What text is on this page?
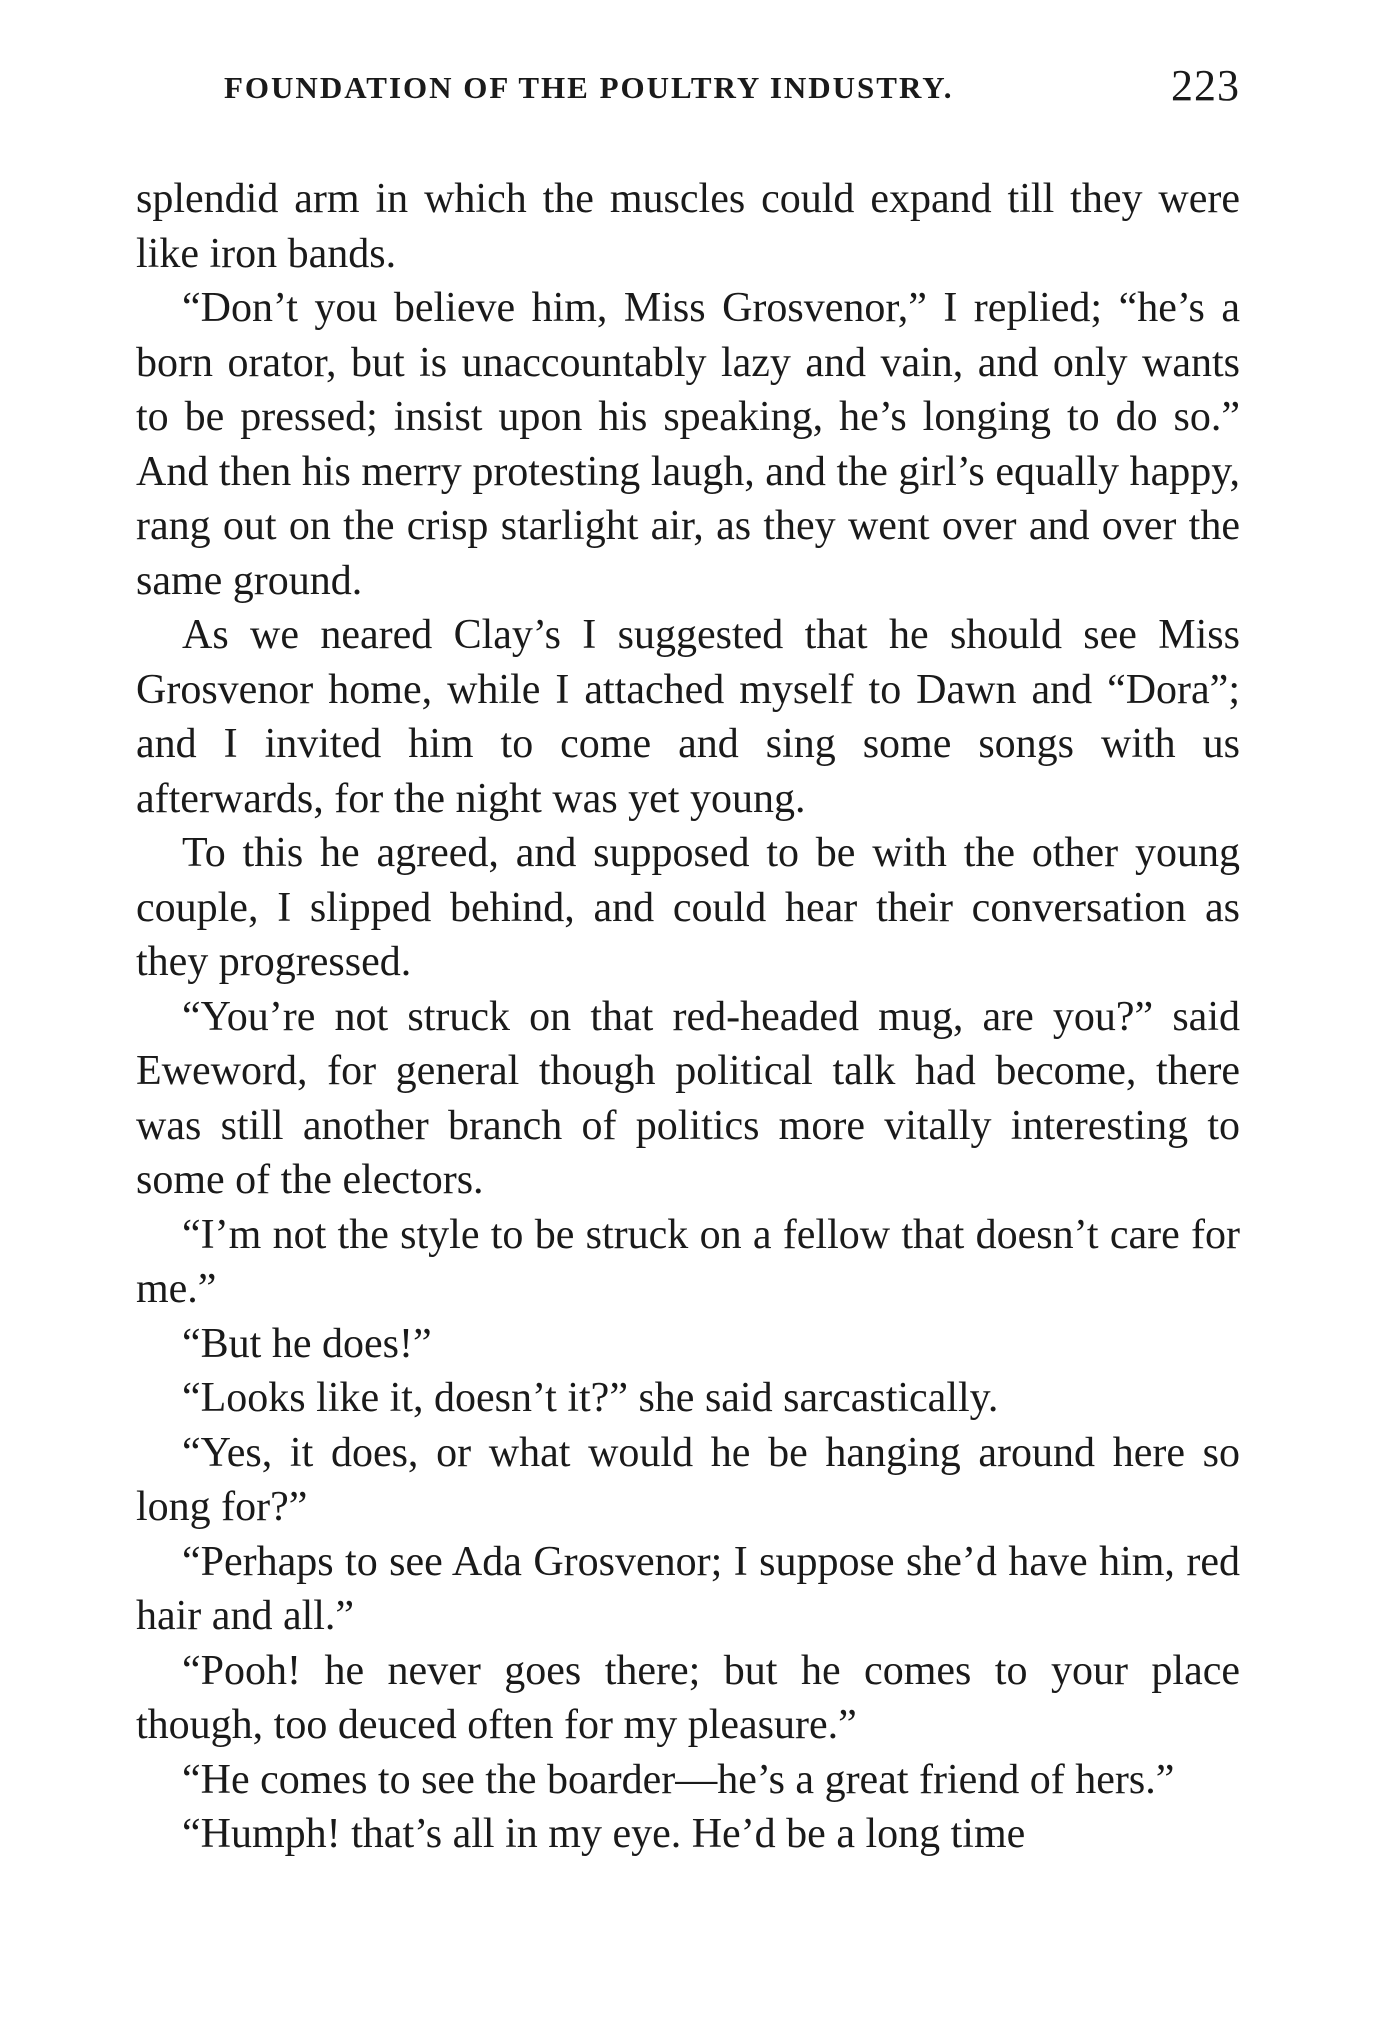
FOUNDATION OF THE POULTRY INDUSTRY.	223

splendid arm in which the muscles could expand till they were like iron bands.

“Don’t you believe him, Miss Grosvenor,” I replied; “he’s a born orator, but is unaccountably lazy and vain, and only wants to be pressed; insist upon his speaking, he’s longing to do so.” And then his merry protesting laugh, and the girl’s equally happy, rang out on the crisp starlight air, as they went over and over the same ground.

As we neared Clay’s I suggested that he should see Miss Grosvenor home, while I attached myself to Dawn and “Dora”; and I invited him to come and sing some songs with us afterwards, for the night was yet young.

To this he agreed, and supposed to be with the other young couple, I slipped behind, and could hear their conversation as they progressed.

“You’re not struck on that red-headed mug, are you?” said Eweword, for general though political talk had become, there was still another branch of politics more vitally interesting to some of the electors.

“I’m not the style to be struck on a fellow that doesn’t care for me.”

“But he does!”

“Looks like it, doesn’t it?” she said sarcastically.

“Yes, it does, or what would he be hanging around here so long for?”

“Perhaps to see Ada Grosvenor; I suppose she’d have him, red hair and all.”

“Pooh! he never goes there; but he comes to your place though, too deuced often for my pleasure.”

“He comes to see the boarder—he’s a great friend of hers.”

“Humph! that’s all in my eye. He’d be a long time
